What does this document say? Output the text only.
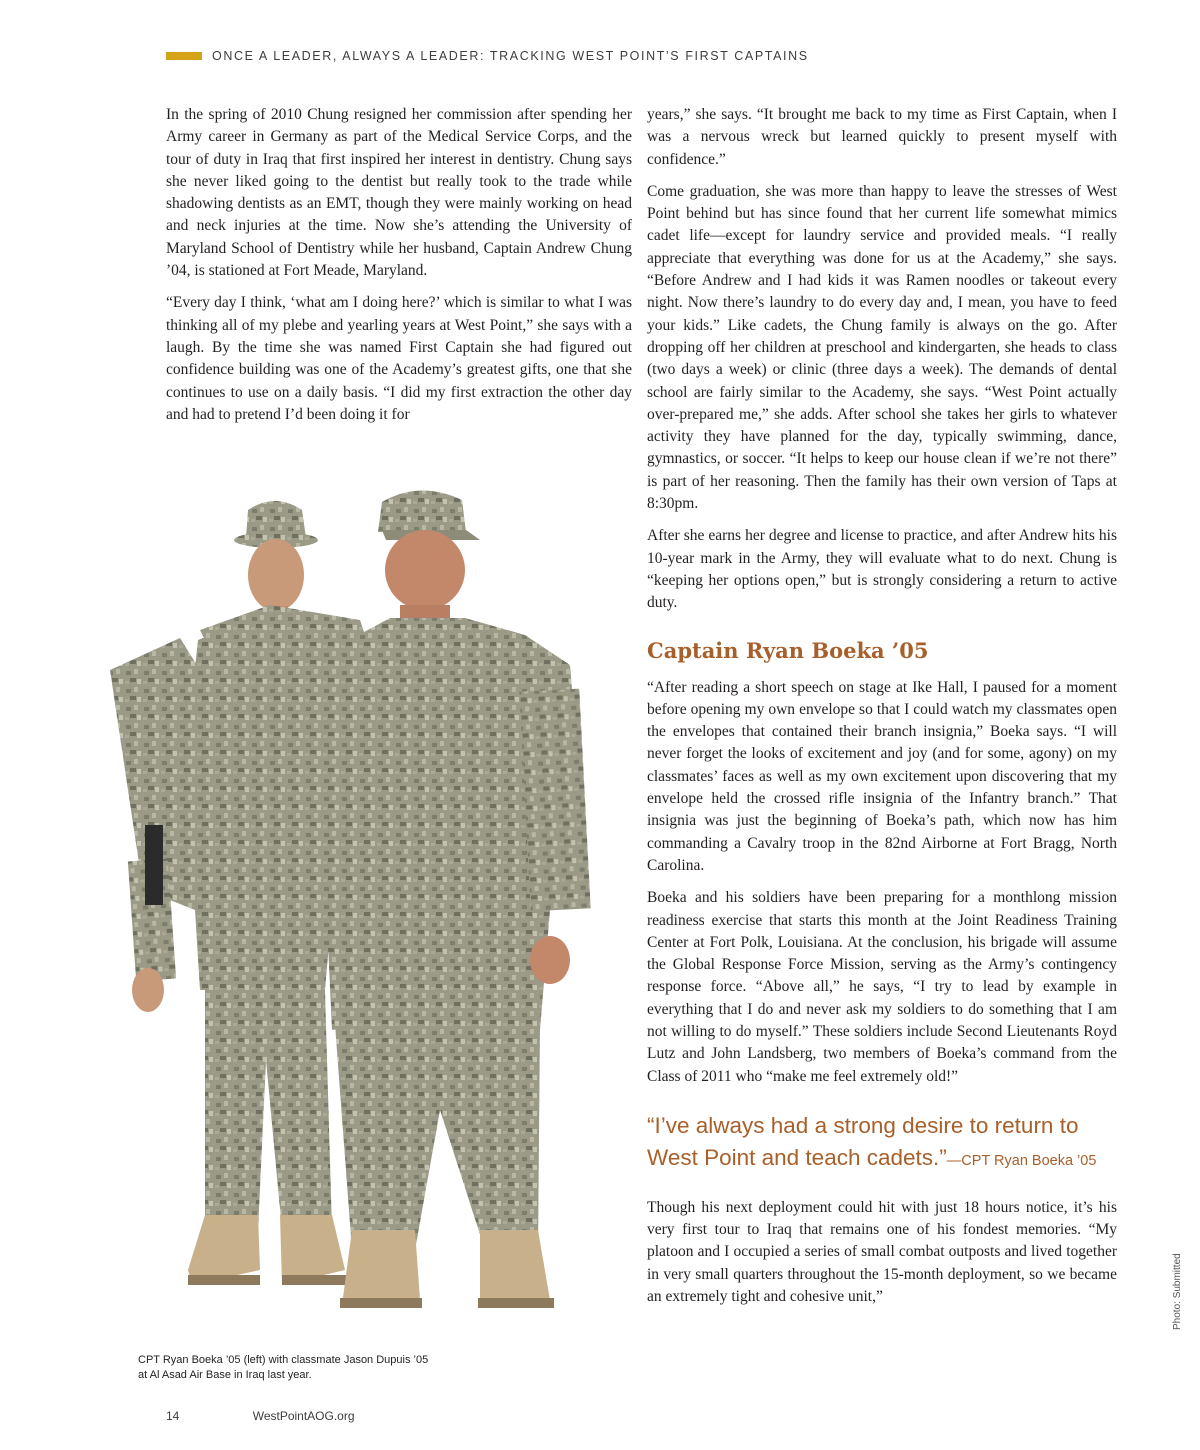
ONCE A LEADER, ALWAYS A LEADER: TRACKING WEST POINT’S FIRST CAPTAINS

In the spring of 2010 Chung resigned her commission after spending her Army career in Germany as part of the Medical Service Corps, and the tour of duty in Iraq that first inspired her interest in dentistry. Chung says she never liked going to the dentist but really took to the trade while shadowing dentists as an EMT, though they were mainly working on head and neck injuries at the time. Now she’s attending the University of Maryland School of Dentistry while her husband, Captain Andrew Chung ’04, is stationed at Fort Meade, Maryland.

“Every day I think, ‘what am I doing here?’ which is similar to what I was thinking all of my plebe and yearling years at West Point,” she says with a laugh. By the time she was named First Captain she had figured out confidence building was one of the Academy’s greatest gifts, one that she continues to use on a daily basis. “I did my first extraction the other day and had to pretend I’d been doing it for

years,” she says. “It brought me back to my time as First Captain, when I was a nervous wreck but learned quickly to present myself with confidence.”

Come graduation, she was more than happy to leave the stresses of West Point behind but has since found that her current life somewhat mimics cadet life—except for laundry service and provided meals. “I really appreciate that everything was done for us at the Academy,” she says. “Before Andrew and I had kids it was Ramen noodles or takeout every night. Now there’s laundry to do every day and, I mean, you have to feed your kids.” Like cadets, the Chung family is always on the go. After dropping off her children at preschool and kindergarten, she heads to class (two days a week) or clinic (three days a week). The demands of dental school are fairly similar to the Academy, she says. “West Point actually over-prepared me,” she adds. After school she takes her girls to whatever activity they have planned for the day, typically swimming, dance, gymnastics, or soccer. “It helps to keep our house clean if we’re not there” is part of her reasoning. Then the family has their own version of Taps at 8:30pm.

After she earns her degree and license to practice, and after Andrew hits his 10-year mark in the Army, they will evaluate what to do next. Chung is “keeping her options open,” but is strongly considering a return to active duty.

Captain Ryan Boeka ’05

“After reading a short speech on stage at Ike Hall, I paused for a moment before opening my own envelope so that I could watch my classmates open the envelopes that contained their branch insignia,” Boeka says. “I will never forget the looks of excitement and joy (and for some, agony) on my classmates’ faces as well as my own excitement upon discovering that my envelope held the crossed rifle insignia of the Infantry branch.” That insignia was just the beginning of Boeka’s path, which now has him commanding a Cavalry troop in the 82nd Airborne at Fort Bragg, North Carolina.

Boeka and his soldiers have been preparing for a monthlong mission readiness exercise that starts this month at the Joint Readiness Training Center at Fort Polk, Louisiana. At the conclusion, his brigade will assume the Global Response Force Mission, serving as the Army’s contingency response force. “Above all,” he says, “I try to lead by example in everything that I do and never ask my soldiers to do something that I am not willing to do myself.” These soldiers include Second Lieutenants Royd Lutz and John Landsberg, two members of Boeka’s command from the Class of 2011 who “make me feel extremely old!”

“I’ve always had a strong desire to return to West Point and teach cadets.”—CPT Ryan Boeka ’05

Though his next deployment could hit with just 18 hours notice, it’s his very first tour to Iraq that remains one of his fondest memories. “My platoon and I occupied a series of small combat outposts and lived together in very small quarters throughout the 15-month deployment, so we became an extremely tight and cohesive unit,”

CPT Ryan Boeka ’05 (left) with classmate Jason Dupuis ’05 at Al Asad Air Base in Iraq last year.
Photo: Submitted
14	WestPointAOG.org
